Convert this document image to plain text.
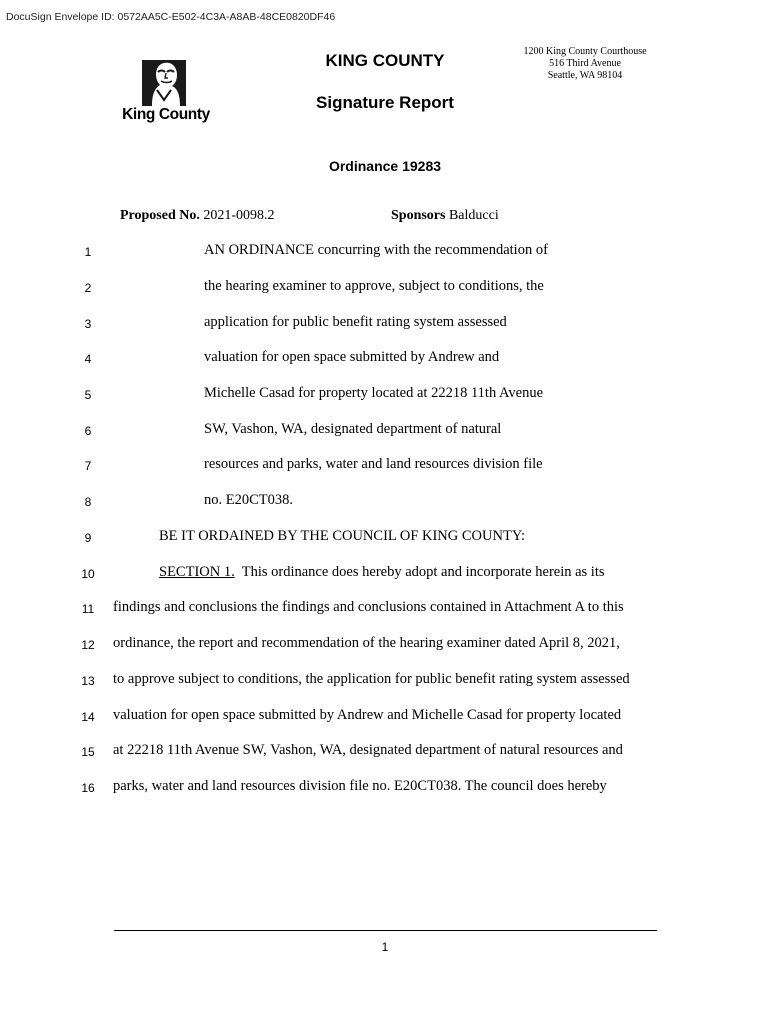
DocuSign Envelope ID: 0572AA5C-E502-4C3A-A8AB-48CE0820DF46
King County
KING COUNTY	1200 King County Courthouse
516 Third Avenue
Seattle, WA 98104
Signature Report
Ordinance 19283
Proposed No. 2021-0098.2	Sponsors Balducci
1
2
3
4
5
6
7
8
9
10
11
12
13
14
15
16
AN ORDINANCE concurring with the recommendation of
the hearing examiner to approve, subject to conditions, the
application for public benefit rating system assessed
valuation for open space submitted by Andrew and
Michelle Casad for property located at 22218 11th Avenue
SW, Vashon, WA, designated department of natural
resources and parks, water and land resources division file
no. E20CT038.
BE IT ORDAINED BY THE COUNCIL OF KING COUNTY:
SECTION 1. This ordinance does hereby adopt and incorporate herein as its
findings and conclusions the findings and conclusions contained in Attachment A to this
ordinance, the report and recommendation of the hearing examiner dated April 8, 2021,
to approve subject to conditions, the application for public benefit rating system assessed
valuation for open space submitted by Andrew and Michelle Casad for property located
at 22218 11th Avenue SW, Vashon, WA, designated department of natural resources and
parks, water and land resources division file no. E20CT038. The council does hereby
1
